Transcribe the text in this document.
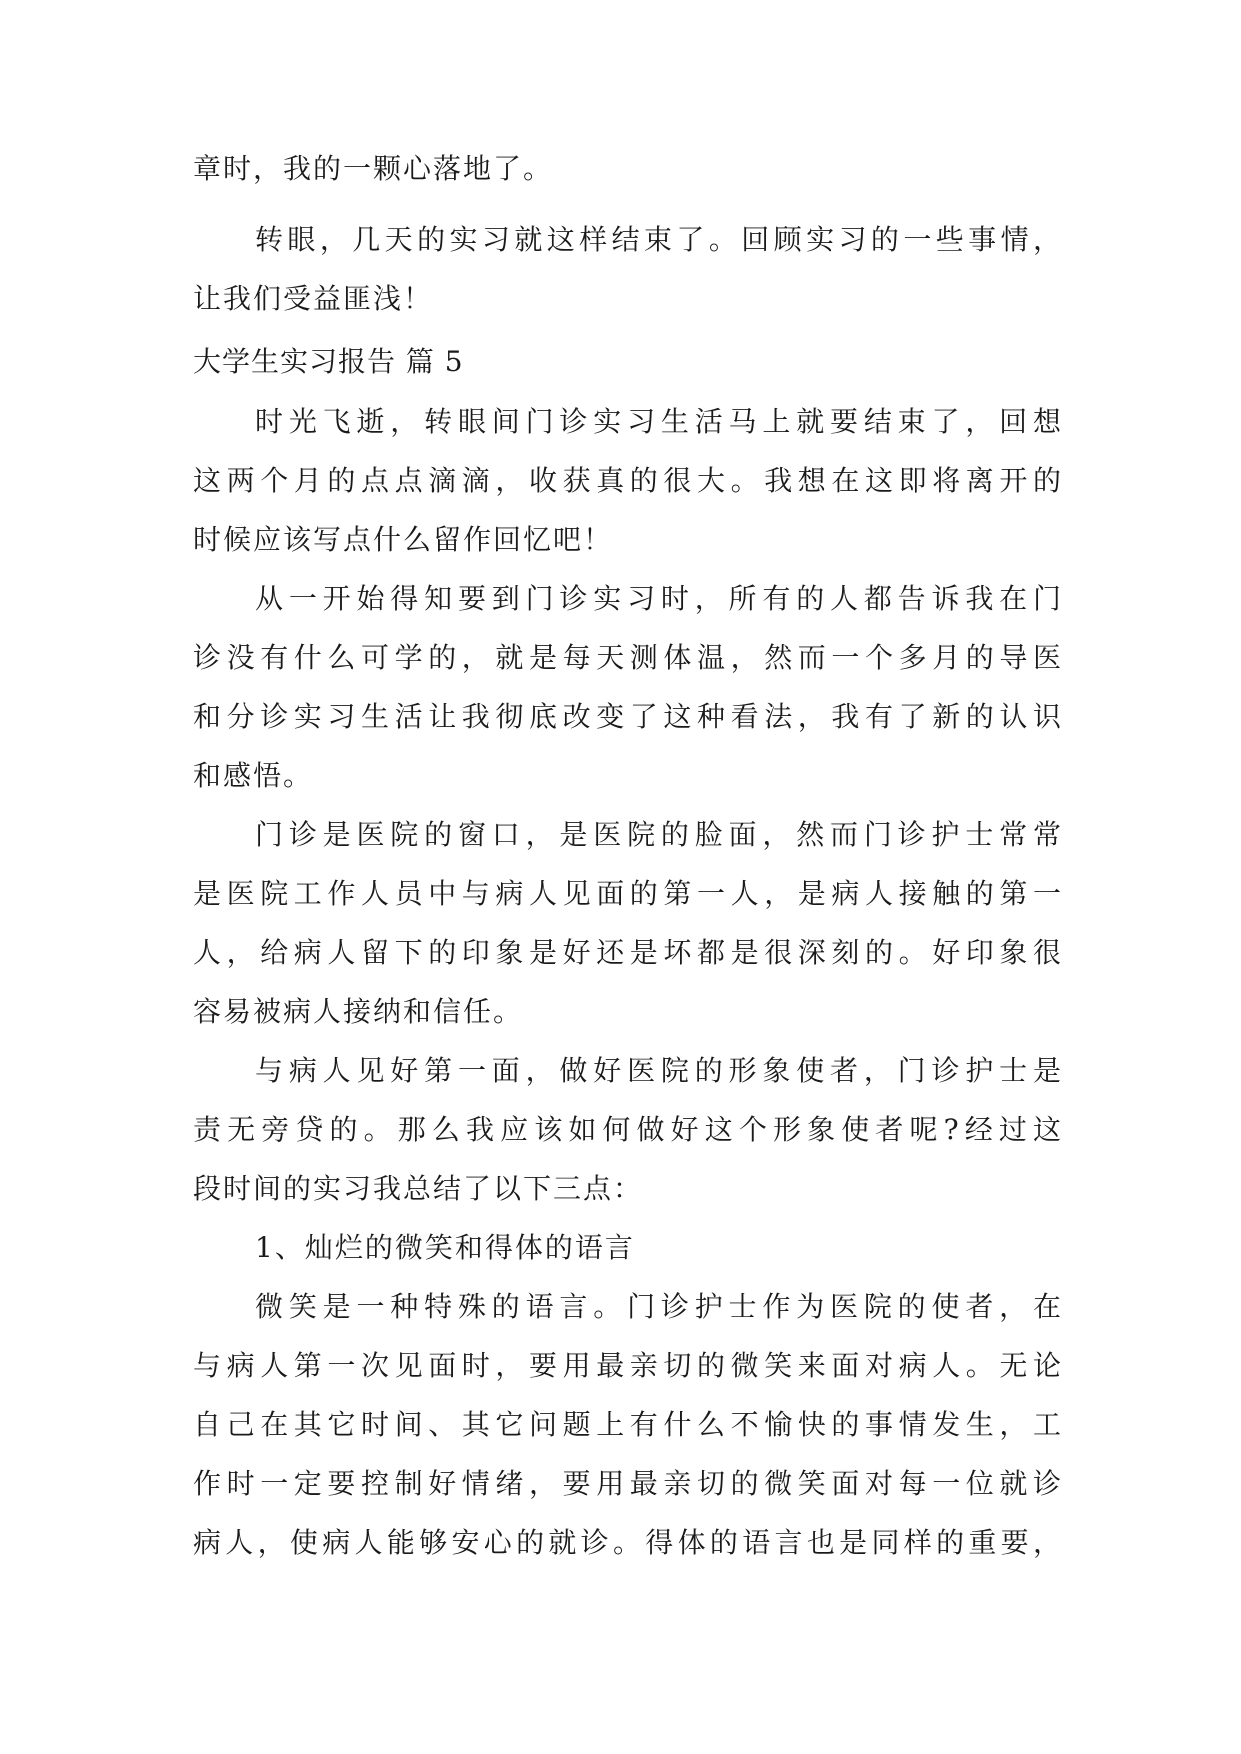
章时，我的一颗心落地了。
转眼，几天的实习就这样结束了。回顾实习的一些事情，
让我们受益匪浅！
大学生实习报告 篇 5
时光飞逝，转眼间门诊实习生活马上就要结束了，回想
这两个月的点点滴滴，收获真的很大。我想在这即将离开的
时候应该写点什么留作回忆吧！
从一开始得知要到门诊实习时，所有的人都告诉我在门
诊没有什么可学的，就是每天测体温，然而一个多月的导医
和分诊实习生活让我彻底改变了这种看法，我有了新的认识
和感悟。
门诊是医院的窗口，是医院的脸面，然而门诊护士常常
是医院工作人员中与病人见面的第一人，是病人接触的第一
人，给病人留下的印象是好还是坏都是很深刻的。好印象很
容易被病人接纳和信任。
与病人见好第一面，做好医院的形象使者，门诊护士是
责无旁贷的。那么我应该如何做好这个形象使者呢?经过这
段时间的实习我总结了以下三点：
1、灿烂的微笑和得体的语言
微笑是一种特殊的语言。门诊护士作为医院的使者，在
与病人第一次见面时，要用最亲切的微笑来面对病人。无论
自己在其它时间、其它问题上有什么不愉快的事情发生，工
作时一定要控制好情绪，要用最亲切的微笑面对每一位就诊
病人，使病人能够安心的就诊。得体的语言也是同样的重要，
